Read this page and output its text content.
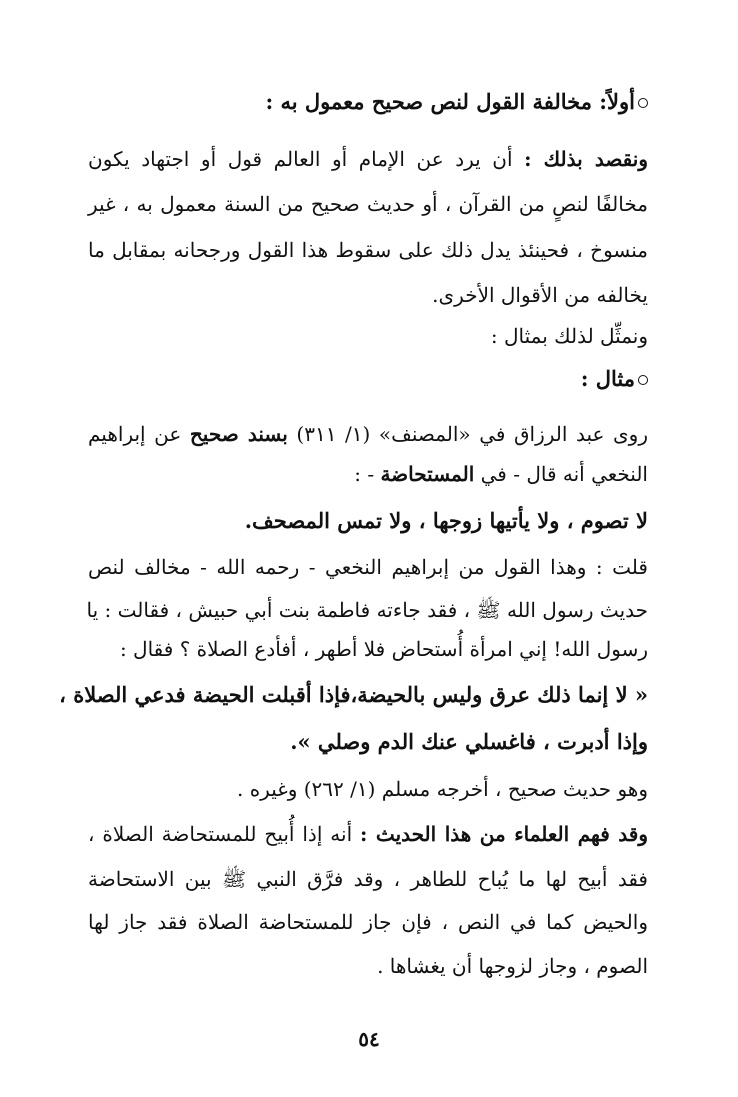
أولاً: مخالفة القول لنص صحيح معمول به :
ونقصد بذلك : أن يرد عن الإمام أو العالم قول أو اجتهاد يكون
مخالفًا لنصٍ من القرآن ، أو حديث صحيح من السنة معمول به ، غير
منسوخ ، فحينئذ يدل ذلك على سقوط هذا القول ورجحانه بمقابل ما
يخالفه من الأقوال الأخرى.
ونمثِّل لذلك بمثال :
مثال :
روى عبد الرزاق في «المصنف» (١/ ٣١١) بسند صحيح عن إبراهيم
النخعي أنه قال - في المستحاضة - :
لا تصوم ، ولا يأتيها زوجها ، ولا تمس المصحف.
قلت : وهذا القول من إبراهيم النخعي - رحمه الله - مخالف لنص
حديث رسول الله ﷺ ، فقد جاءته فاطمة بنت أبي حبيش ، فقالت : يا
رسول الله! إني امرأة أُستحاض فلا أطهر ، أفأدع الصلاة ؟ فقال :
« لا إنما ذلك عرق وليس بالحيضة،فإذا أقبلت الحيضة فدعي الصلاة ،
وإذا أدبرت ، فاغسلي عنك الدم وصلي ».
وهو حديث صحيح ، أخرجه مسلم (١/ ٢٦٢) وغيره .
وقد فهم العلماء من هذا الحديث : أنه إذا أُبيح للمستحاضة الصلاة ،
فقد أبيح لها ما يُباح للطاهر ، وقد فرَّق النبي ﷺ بين الاستحاضة
والحيض كما في النص ، فإن جاز للمستحاضة الصلاة فقد جاز لها
الصوم ، وجاز لزوجها أن يغشاها .
٥٤
